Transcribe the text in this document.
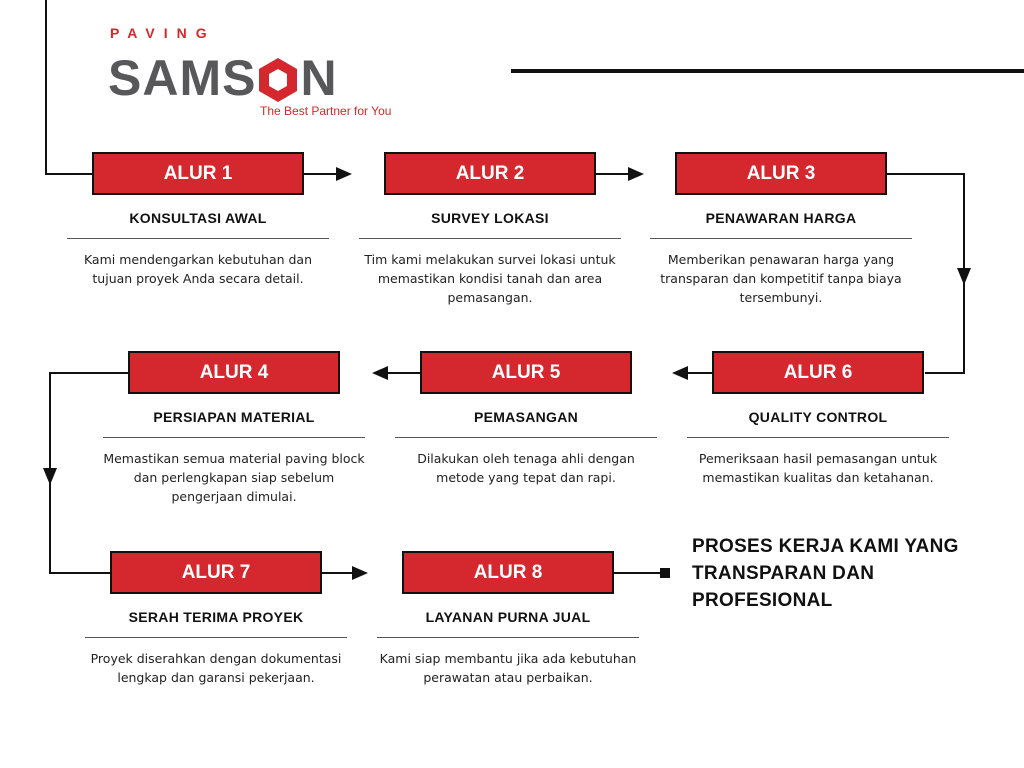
PAVING
SAMS N
The Best Partner for You
ALUR 1
KONSULTASI AWAL
Kami mendengarkan kebutuhan dan tujuan proyek Anda secara detail.
ALUR 2
SURVEY LOKASI
Tim kami melakukan survei lokasi untuk memastikan kondisi tanah dan area pemasangan.
ALUR 3
PENAWARAN HARGA
Memberikan penawaran harga yang transparan dan kompetitif tanpa biaya tersembunyi.
ALUR 4
PERSIAPAN MATERIAL
Memastikan semua material paving block dan perlengkapan siap sebelum pengerjaan dimulai.
ALUR 5
PEMASANGAN
Dilakukan oleh tenaga ahli dengan metode yang tepat dan rapi.
ALUR 6
QUALITY CONTROL
Pemeriksaan hasil pemasangan untuk memastikan kualitas dan ketahanan.
ALUR 7
SERAH TERIMA PROYEK
Proyek diserahkan dengan dokumentasi lengkap dan garansi pekerjaan.
ALUR 8
LAYANAN PURNA JUAL
Kami siap membantu jika ada kebutuhan perawatan atau perbaikan.
PROSES KERJA KAMI YANG TRANSPARAN DAN PROFESIONAL
